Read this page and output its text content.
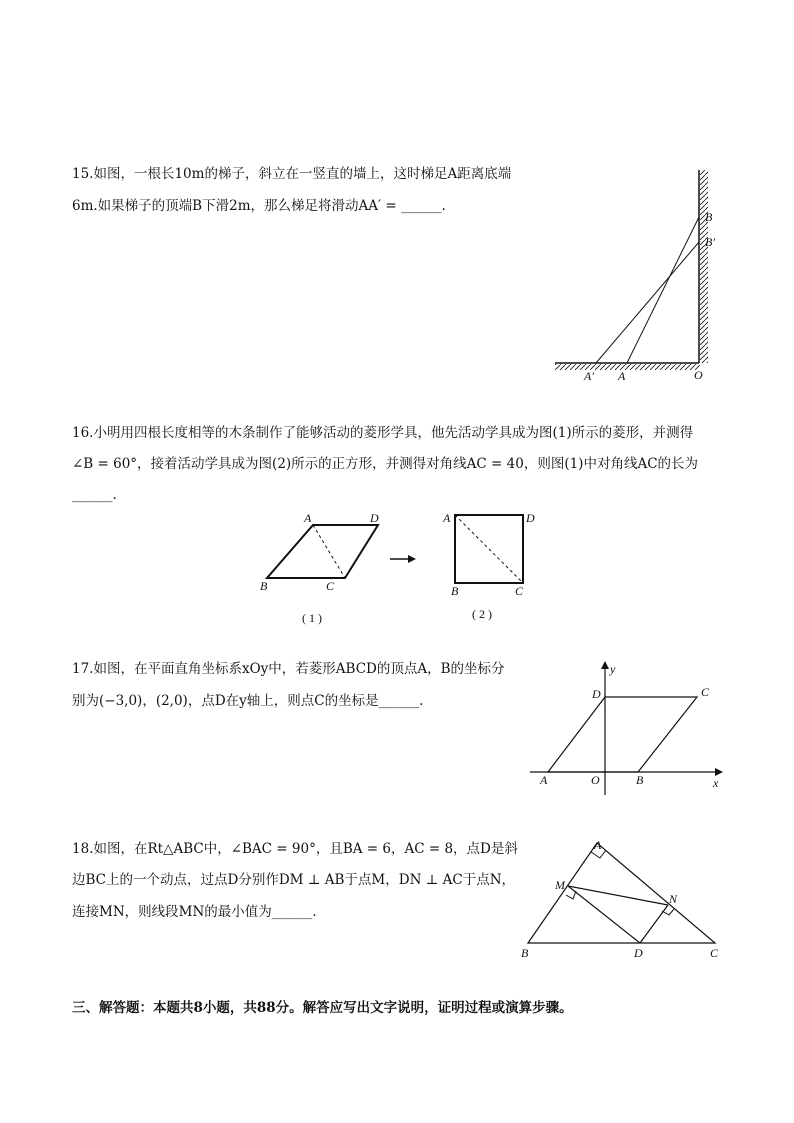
15.如图，一根长10m的梯子，斜立在一竖直的墙上，这时梯足A距离底端
6m.如果梯子的顶端B下滑2m，那么梯足将滑动AA′ = ______.
B
B′
A′ A	O
16.小明用四根长度相等的木条制作了能够活动的菱形学具，他先活动学具成为图(1)所示的菱形，并测得
∠B = 60°，接着活动学具成为图(2)所示的正方形，并测得对角线AC = 40，则图(1)中对角线AC的长为
______.
A	D
B	C
( 1 )
A	D
B	C
( 2 )
17.如图，在平面直角坐标系xOy中，若菱形ABCD的顶点A，B的坐标分
别为(−3,0)，(2,0)，点D在y轴上，则点C的坐标是______.
y
x
D	C
A	O	B
18.如图，在Rt△ABC中，∠BAC = 90°，且BA = 6，AC = 8，点D是斜
边BC上的一个动点，过点D分别作DM ⊥ AB于点M，DN ⊥ AC于点N，
连接MN，则线段MN的最小值为______.
A
M
N
B	D	C
三、解答题：本题共8小题，共88分。解答应写出文字说明，证明过程或演算步骤。
